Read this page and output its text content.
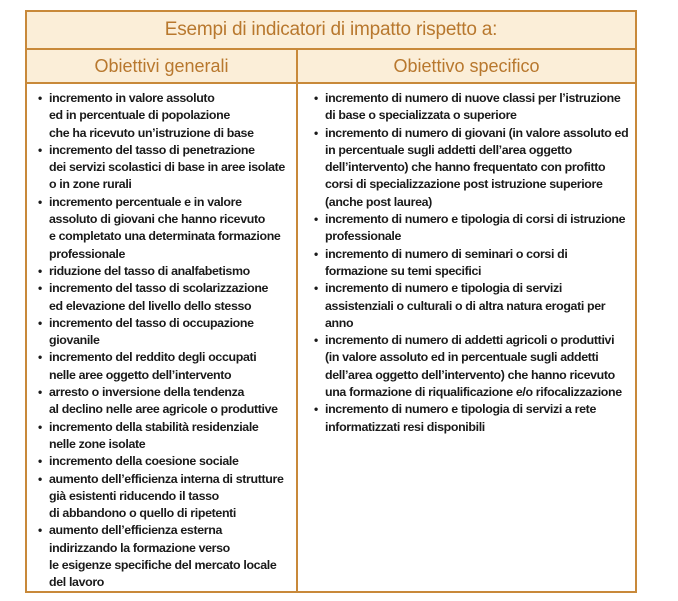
Esempi di indicatori di impatto rispetto a:
Obiettivi generali	Obiettivo specifico
• incremento in valore assoluto
ed in percentuale di popolazione
che ha ricevuto un’istruzione di base
• incremento del tasso di penetrazione
dei servizi scolastici di base in aree isolate
o in zone rurali
• incremento percentuale e in valore
assoluto di giovani che hanno ricevuto
e completato una determinata formazione
professionale
• riduzione del tasso di analfabetismo
• incremento del tasso di scolarizzazione
ed elevazione del livello dello stesso
• incremento del tasso di occupazione
giovanile
• incremento del reddito degli occupati
nelle aree oggetto dell’intervento
• arresto o inversione della tendenza
al declino nelle aree agricole o produttive
• incremento della stabilità residenziale
nelle zone isolate
• incremento della coesione sociale
• aumento dell’efficienza interna di strutture
già esistenti riducendo il tasso
di abbandono o quello di ripetenti
• aumento dell’efficienza esterna
indirizzando la formazione verso
le esigenze specifiche del mercato locale
del lavoro
• incremento di numero di nuove classi per l’istruzione
di base o specializzata o superiore
• incremento di numero di giovani (in valore assoluto ed
in percentuale sugli addetti dell’area oggetto
dell’intervento) che hanno frequentato con profitto
corsi di specializzazione post istruzione superiore
(anche post laurea)
• incremento di numero e tipologia di corsi di istruzione
professionale
• incremento di numero di seminari o corsi di
formazione su temi specifici
• incremento di numero e tipologia di servizi
assistenziali o culturali o di altra natura erogati per
anno
• incremento di numero di addetti agricoli o produttivi
(in valore assoluto ed in percentuale sugli addetti
dell’area oggetto dell’intervento) che hanno ricevuto
una formazione di riqualificazione e/o rifocalizzazione
• incremento di numero e tipologia di servizi a rete
informatizzati resi disponibili
